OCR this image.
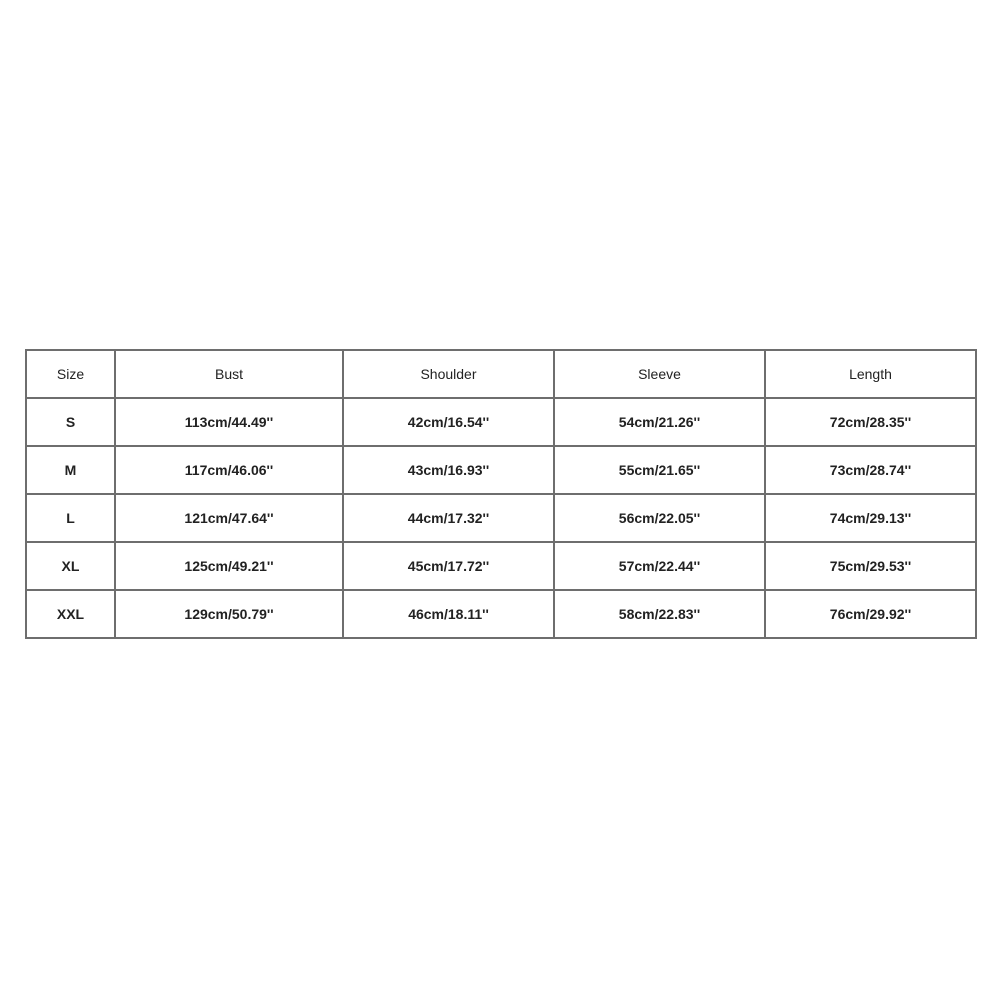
Size	Bust	Shoulder	Sleeve	Length
S	113cm/44.49''	42cm/16.54''	54cm/21.26''	72cm/28.35''
M	117cm/46.06''	43cm/16.93''	55cm/21.65''	73cm/28.74''
L	121cm/47.64''	44cm/17.32''	56cm/22.05''	74cm/29.13''
XL	125cm/49.21''	45cm/17.72''	57cm/22.44''	75cm/29.53''
XXL	129cm/50.79''	46cm/18.11''	58cm/22.83''	76cm/29.92''
